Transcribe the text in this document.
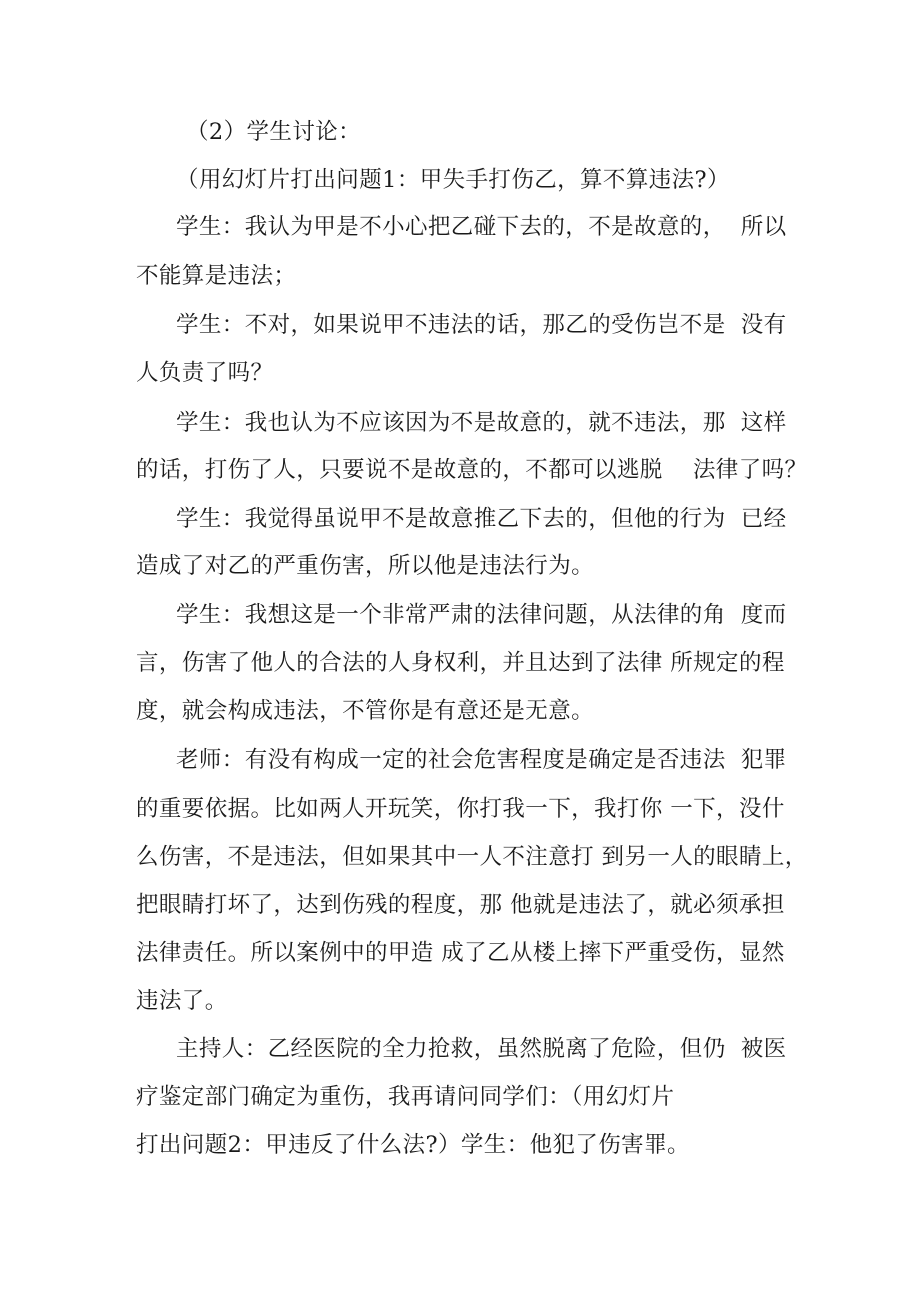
（2）学生讨论：
（用幻灯片打出问题1：甲失手打伤乙，算不算违法?）
学生：我认为甲是不小心把乙碰下去的，不是故意的，  所以
不能算是违法；
学生：不对，如果说甲不违法的话，那乙的受伤岂不是  没有
人负责了吗？
学生：我也认为不应该因为不是故意的，就不违法，那  这样
的话，打伤了人，只要说不是故意的，不都可以逃脱    法律了吗？
学生：我觉得虽说甲不是故意推乙下去的，但他的行为  已经
造成了对乙的严重伤害，所以他是违法行为。
学生：我想这是一个非常严肃的法律问题，从法律的角  度而
言，伤害了他人的合法的人身权利，并且达到了法律 所规定的程
度，就会构成违法，不管你是有意还是无意。
老师：有没有构成一定的社会危害程度是确定是否违法  犯罪
的重要依据。比如两人开玩笑，你打我一下，我打你 一下，没什
么伤害，不是违法，但如果其中一人不注意打 到另一人的眼睛上，
把眼睛打坏了，达到伤残的程度，那 他就是违法了，就必须承担
法律责任。所以案例中的甲造 成了乙从楼上摔下严重受伤，显然
违法了。
主持人：乙经医院的全力抢救，虽然脱离了危险，但仍  被医
疗鉴定部门确定为重伤，我再请问同学们：（用幻灯片
打出问题2：甲违反了什么法?）学生：他犯了伤害罪。
